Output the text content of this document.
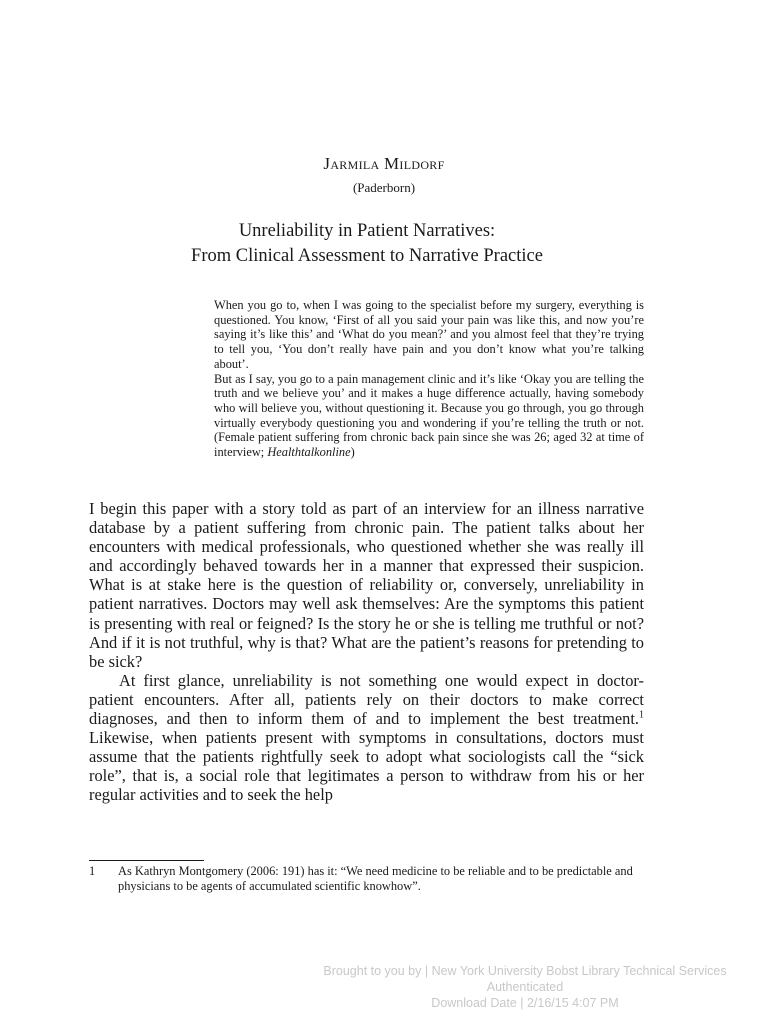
Jarmila Mildorf
(Paderborn)
Unreliability in Patient Narratives:
From Clinical Assessment to Narrative Practice

When you go to, when I was going to the specialist before my surgery, everything is questioned. You know, ‘First of all you said your pain was like this, and now you’re saying it’s like this’ and ‘What do you mean?’ and you almost feel that they’re trying to tell you, ‘You don’t really have pain and you don’t know what you’re talking about’.

But as I say, you go to a pain management clinic and it’s like ‘Okay you are telling the truth and we believe you’ and it makes a huge difference actually, having somebody who will believe you, without questioning it. Because you go through, you go through virtually everybody questioning you and wondering if you’re telling the truth or not. (Female patient suffering from chronic back pain since she was 26; aged 32 at time of interview; Healthtalkonline)

I begin this paper with a story told as part of an interview for an illness narrative database by a patient suffering from chronic pain. The patient talks about her encounters with medical professionals, who questioned whether she was really ill and accordingly behaved towards her in a manner that expressed their suspicion. What is at stake here is the question of reliability or, conversely, unreliability in patient narratives. Doctors may well ask themselves: Are the symptoms this patient is presenting with real or feigned? Is the story he or she is telling me truthful or not? And if it is not truthful, why is that? What are the patient’s reasons for pretending to be sick?

At first glance, unreliability is not something one would expect in doctor-patient encounters. After all, patients rely on their doctors to make correct diagnoses, and then to inform them of and to implement the best treatment.$^1$ Likewise, when patients present with symptoms in consultations, doctors must assume that the patients rightfully seek to adopt what sociologists call the “sick role”, that is, a social role that legitimates a person to withdraw from his or her regular activities and to seek the help

1 As Kathryn Montgomery (2006: 191) has it: “We need medicine to be reliable and to be predictable and physicians to be agents of accumulated scientific knowhow”.
Brought to you by | New York University Bobst Library Technical Services
Authenticated
Download Date | 2/16/15 4:07 PM
